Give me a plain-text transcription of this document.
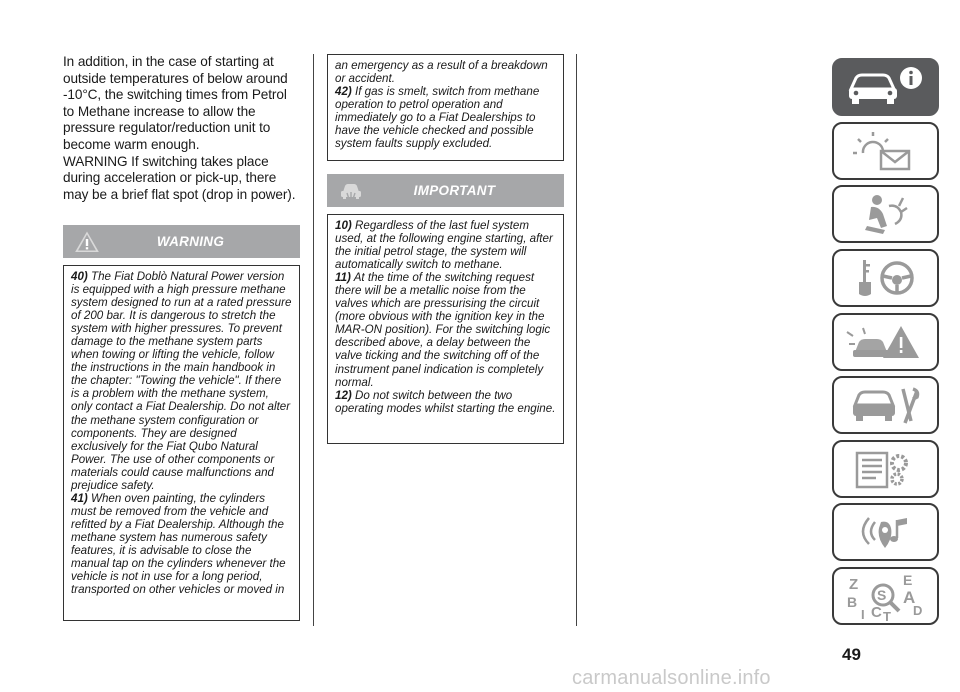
In addition, in the case of starting at outside temperatures of below around -10°C, the switching times from Petrol to Methane increase to allow the pressure regulator/reduction unit to become warm enough.

WARNING If switching takes place during acceleration or pick-up, there may be a brief flat spot (drop in power).

WARNING

40) The Fiat Doblò Natural Power version is equipped with a high pressure methane system designed to run at a rated pressure of 200 bar. It is dangerous to stretch the system with higher pressures. To prevent damage to the methane system parts when towing or lifting the vehicle, follow the instructions in the main handbook in the chapter: "Towing the vehicle". If there is a problem with the methane system, only contact a Fiat Dealership. Do not alter the methane system configuration or components. They are designed exclusively for the Fiat Qubo Natural Power. The use of other components or materials could cause malfunctions and prejudice safety.

41) When oven painting, the cylinders must be removed from the vehicle and refitted by a Fiat Dealership. Although the methane system has numerous safety features, it is advisable to close the manual tap on the cylinders whenever the vehicle is not in use for a long period, transported on other vehicles or moved in

an emergency as a result of a breakdown or accident.

42) If gas is smelt, switch from methane operation to petrol operation and immediately go to a Fiat Dealerships to have the vehicle checked and possible system faults supply excluded.

IMPORTANT

10) Regardless of the last fuel system used, at the following engine starting, after the initial petrol stage, the system will automatically switch to methane.

11) At the time of the switching request there will be a metallic noise from the valves which are pressurising the circuit (more obvious with the ignition key in the MAR-ON position). For the switching logic described above, a delay between the valve ticking and the switching off of the instrument panel indication is completely normal.

12) Do not switch between the two operating modes whilst starting the engine.

Z	E
B	A
D
I C T
S
49
carmanualsonline.info
